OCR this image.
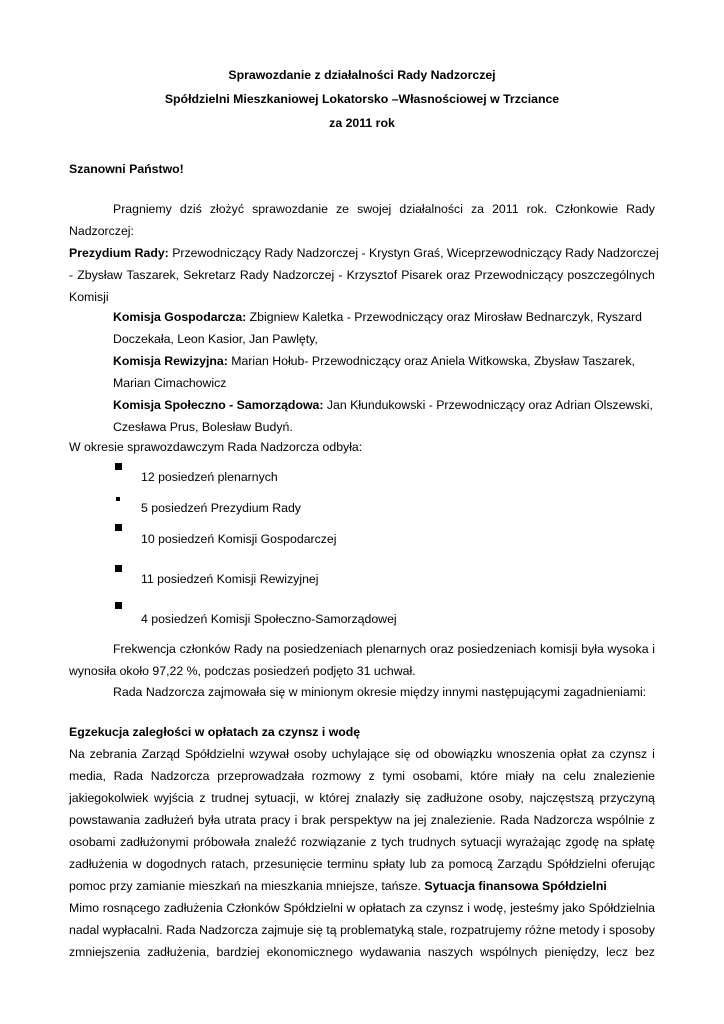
Sprawozdanie z działalności Rady Nadzorczej
Spółdzielni Mieszkaniowej Lokatorsko –Własnościowej w Trzciance
za 2011 rok
Szanowni Państwo!
Pragniemy dziś złożyć sprawozdanie ze swojej działalności za 2011 rok. Członkowie Rady
Nadzorczej:
Prezydium Rady: Przewodniczący Rady Nadzorczej - Krystyn Graś, Wiceprzewodniczący Rady Nadzorczej
- Zbysław Taszarek, Sekretarz Rady Nadzorczej - Krzysztof Pisarek oraz Przewodniczący poszczególnych
Komisji
Komisja Gospodarcza: Zbigniew Kaletka - Przewodniczący oraz Mirosław Bednarczyk, Ryszard
Doczekała, Leon Kasior, Jan Pawlęty,
Komisja Rewizyjna: Marian Hołub- Przewodniczący oraz Aniela Witkowska, Zbysław Taszarek,
Marian Cimachowicz
Komisja Społeczno - Samorządowa: Jan Kłundukowski - Przewodniczący oraz Adrian Olszewski,
Czesława Prus, Bolesław Budyń.
W okresie sprawozdawczym Rada Nadzorcza odbyła:
12 posiedzeń plenarnych
5 posiedzeń Prezydium Rady
10 posiedzeń Komisji Gospodarczej
11 posiedzeń Komisji Rewizyjnej
4 posiedzeń Komisji Społeczno-Samorządowej
Frekwencja członków Rady na posiedzeniach plenarnych oraz posiedzeniach komisji była wysoka i
wynosiła około 97,22 %, podczas posiedzeń podjęto 31 uchwał.
Rada Nadzorcza zajmowała się w minionym okresie między innymi następującymi zagadnieniami:
Egzekucja zaległości w opłatach za czynsz i wodę
Na zebrania Zarząd Spółdzielni wzywał osoby uchylające się od obowiązku wnoszenia opłat za czynsz i
media, Rada Nadzorcza przeprowadzała rozmowy z tymi osobami, które miały na celu znalezienie
jakiegokolwiek wyjścia z trudnej sytuacji, w której znalazły się zadłużone osoby, najczęstszą przyczyną
powstawania zadłużeń była utrata pracy i brak perspektyw na jej znalezienie. Rada Nadzorcza wspólnie z
osobami zadłużonymi próbowała znaleźć rozwiązanie z tych trudnych sytuacji wyrażając zgodę na spłatę
zadłużenia w dogodnych ratach, przesunięcie terminu spłaty lub za pomocą Zarządu Spółdzielni oferując
pomoc przy zamianie mieszkań na mieszkania mniejsze, tańsze. Sytuacja finansowa Spółdzielni
Mimo rosnącego zadłużenia Członków Spółdzielni w opłatach za czynsz i wodę, jesteśmy jako Spółdzielnia
nadal wypłacalni. Rada Nadzorcza zajmuje się tą problematyką stale, rozpatrujemy różne metody i sposoby
zmniejszenia zadłużenia, bardziej ekonomicznego wydawania naszych wspólnych pieniędzy, lecz bez
